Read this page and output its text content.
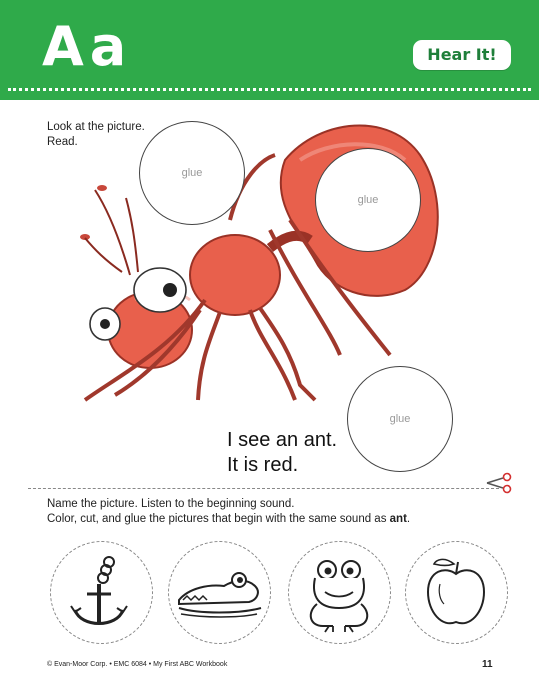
Aa	Hear It!
Look at the picture.
Read.
glue
glue
glue
I see an ant.
It is red.
Name the picture. Listen to the beginning sound.
Color, cut, and glue the pictures that begin with the same sound as ant.
© Evan-Moor Corp. • EMC 6084 • My First ABC Workbook	11
